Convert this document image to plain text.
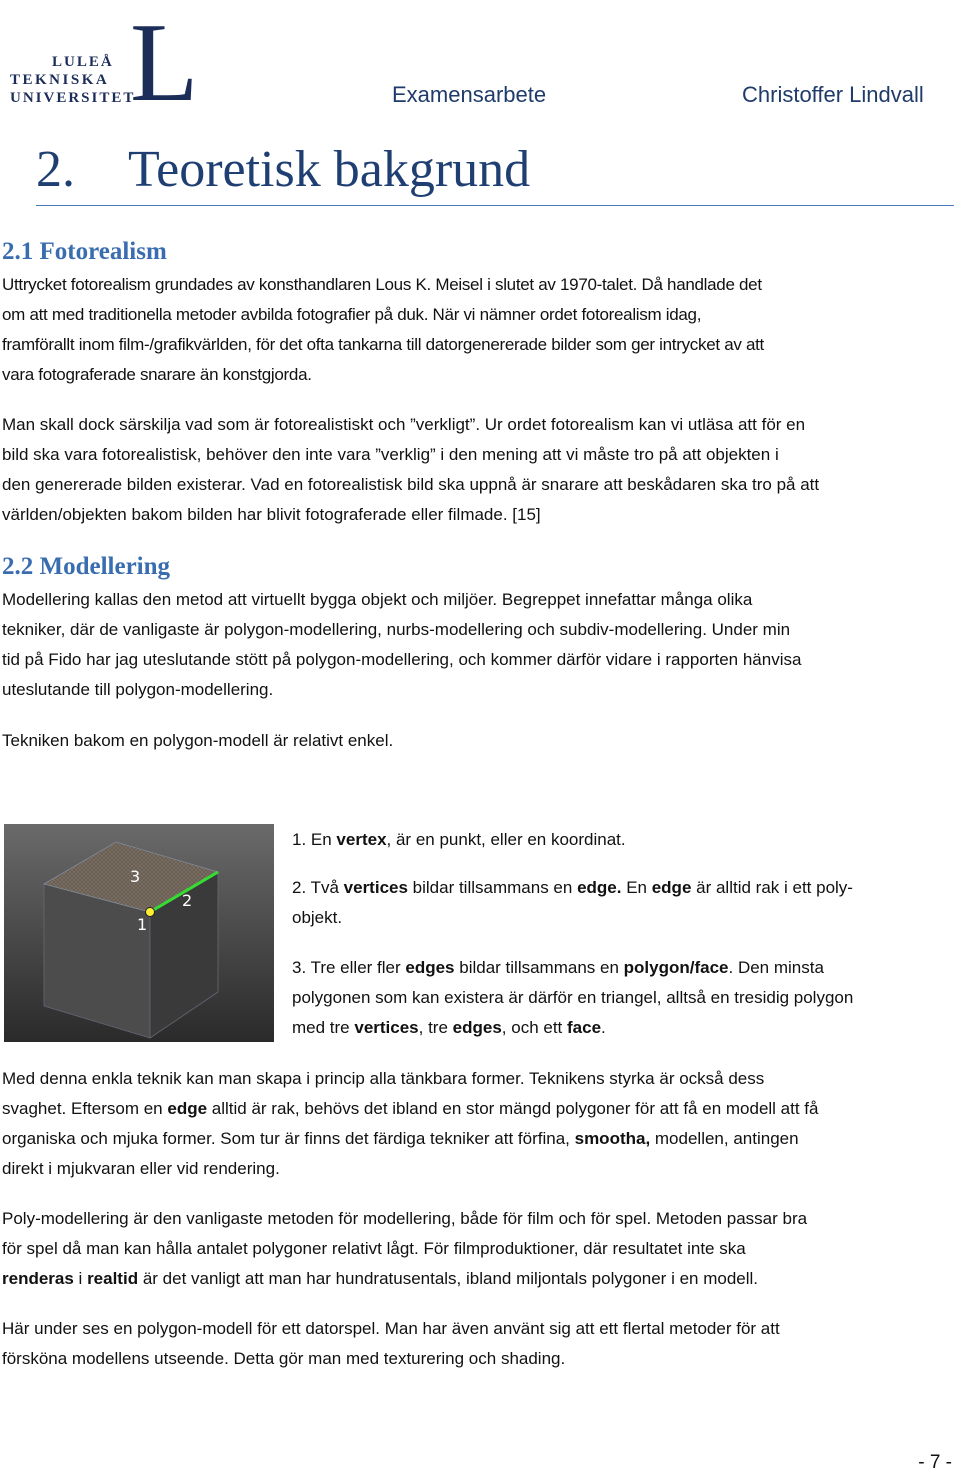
L
LULEÅ
TEKNISKA
UNIVERSITET	Examensarbete	Christoffer Lindvall
2. Teoretisk bakgrund
2.1 Fotorealism
Uttrycket fotorealism grundades av konsthandlaren Lous K. Meisel i slutet av 1970-talet. Då handlade det
om att med traditionella metoder avbilda fotografier på duk. När vi nämner ordet fotorealism idag,
framförallt inom film-/grafikvärlden, för det ofta tankarna till datorgenererade bilder som ger intrycket av att
vara fotograferade snarare än konstgjorda.
Man skall dock särskilja vad som är fotorealistiskt och ”verkligt”. Ur ordet fotorealism kan vi utläsa att för en
bild ska vara fotorealistisk, behöver den inte vara ”verklig” i den mening att vi måste tro på att objekten i
den genererade bilden existerar. Vad en fotorealistisk bild ska uppnå är snarare att beskådaren ska tro på att
världen/objekten bakom bilden har blivit fotograferade eller filmade. [15]
2.2 Modellering
Modellering kallas den metod att virtuellt bygga objekt och miljöer. Begreppet innefattar många olika
tekniker, där de vanligaste är polygon-modellering, nurbs-modellering och subdiv-modellering. Under min
tid på Fido har jag uteslutande stött på polygon-modellering, och kommer därför vidare i rapporten hänvisa
uteslutande till polygon-modellering.
Tekniken bakom en polygon-modell är relativt enkel.
3
2
1
1. En vertex, är en punkt, eller en koordinat.
2. Två vertices bildar tillsammans en edge. En edge är alltid rak i ett poly-
objekt.
3. Tre eller fler edges bildar tillsammans en polygon/face. Den minsta
polygonen som kan existera är därför en triangel, alltså en tresidig polygon
med tre vertices, tre edges, och ett face.
Med denna enkla teknik kan man skapa i princip alla tänkbara former. Teknikens styrka är också dess
svaghet. Eftersom en edge alltid är rak, behövs det ibland en stor mängd polygoner för att få en modell att få
organiska och mjuka former. Som tur är finns det färdiga tekniker att förfina, smootha, modellen, antingen
direkt i mjukvaran eller vid rendering.
Poly-modellering är den vanligaste metoden för modellering, både för film och för spel. Metoden passar bra
för spel då man kan hålla antalet polygoner relativt lågt. För filmproduktioner, där resultatet inte ska
renderas i realtid är det vanligt att man har hundratusentals, ibland miljontals polygoner i en modell.
Här under ses en polygon-modell för ett datorspel. Man har även använt sig att ett flertal metoder för att
försköna modellens utseende. Detta gör man med texturering och shading.
- 7 -
